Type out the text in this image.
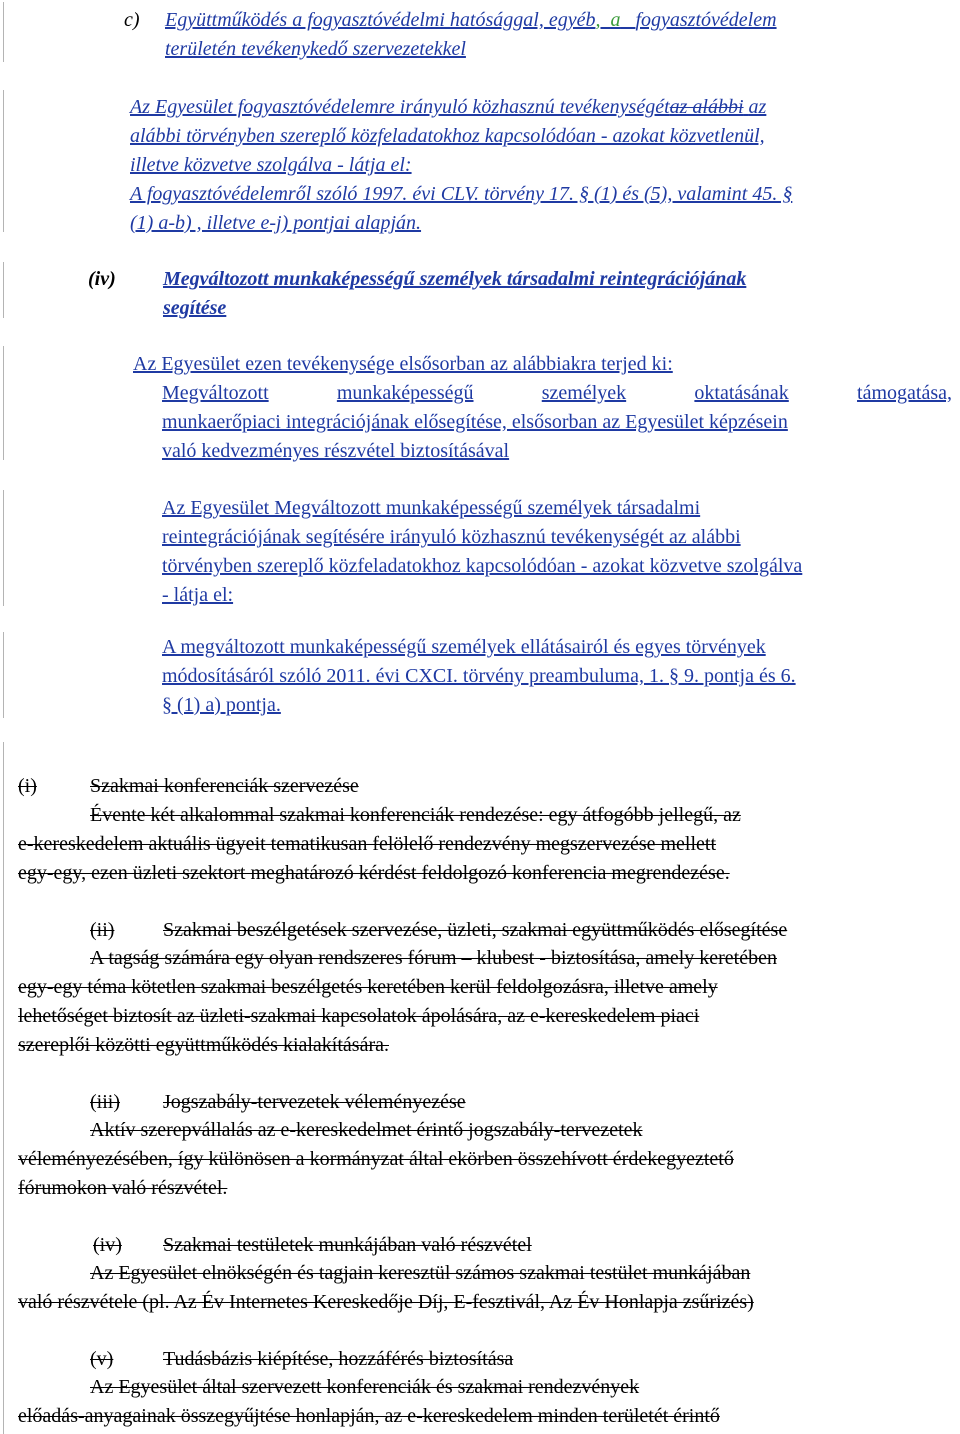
c) Együttműködés a fogyasztóvédelmi hatósággal, egyéb, a fogyasztóvédelem
területén tevékenykedő szervezetekkel
Az Egyesület fogyasztóvédelemre irányuló közhasznú tevékenységétaz alábbi az
alábbi törvényben szereplő közfeladatokhoz kapcsolódóan - azokat közvetlenül,
illetve közvetve szolgálva - látja el:
A fogyasztóvédelemről szóló 1997. évi CLV. törvény 17. § (1) és (5), valamint 45. §
(1) a-b) , illetve e-j) pontjai alapján.
(iv) Megváltozott munkaképességű személyek társadalmi reintegrációjának
segítése
Az Egyesület ezen tevékenysége elsősorban az alábbiakra terjed ki:
Megváltozott	munkaképességű	személyek	oktatásának	támogatása,
munkaerőpiaci integrációjának elősegítése, elsősorban az Egyesület képzésein
való kedvezményes részvétel biztosításával
Az Egyesület Megváltozott munkaképességű személyek társadalmi
reintegrációjának segítésére irányuló közhasznú tevékenységét az alábbi
törvényben szereplő közfeladatokhoz kapcsolódóan - azokat közvetve szolgálva
- látja el:
A megváltozott munkaképességű személyek ellátásairól és egyes törvények
módosításáról szóló 2011. évi CXCI. törvény preambuluma, 1. § 9. pontja és 6.
§ (1) a) pontja.
(i)	Szakmai konferenciák szervezése
Évente két alkalommal szakmai konferenciák rendezése: egy átfogóbb jellegű, az
e-kereskedelem aktuális ügyeit tematikusan felölelő rendezvény megszervezése mellett
egy-egy, ezen üzleti szektort meghatározó kérdést feldolgozó konferencia megrendezése.
(ii) Szakmai beszélgetések szervezése, üzleti, szakmai együttműködés elősegítése
A tagság számára egy olyan rendszeres fórum – klubest - biztosítása, amely keretében
egy-egy téma kötetlen szakmai beszélgetés keretében kerül feldolgozásra, illetve amely
lehetőséget biztosít az üzleti-szakmai kapcsolatok ápolására, az e-kereskedelem piaci
szereplői közötti együttműködés kialakítására.
(iii) Jogszabály-tervezetek véleményezése
Aktív szerepvállalás az e-kereskedelmet érintő jogszabály-tervezetek
véleményezésében, így különösen a kormányzat által ekörben összehívott érdekegyeztető
fórumokon való részvétel.
(iv) Szakmai testületek munkájában való részvétel
Az Egyesület elnökségén és tagjain keresztül számos szakmai testület munkájában
való részvétele (pl. Az Év Internetes Kereskedője Díj, E-fesztivál, Az Év Honlapja zsűrizés)
(v) Tudásbázis kiépítése, hozzáférés biztosítása
Az Egyesület által szervezett konferenciák és szakmai rendezvények
előadás-anyagainak összegyűjtése honlapján, az e-kereskedelem minden területét érintő
